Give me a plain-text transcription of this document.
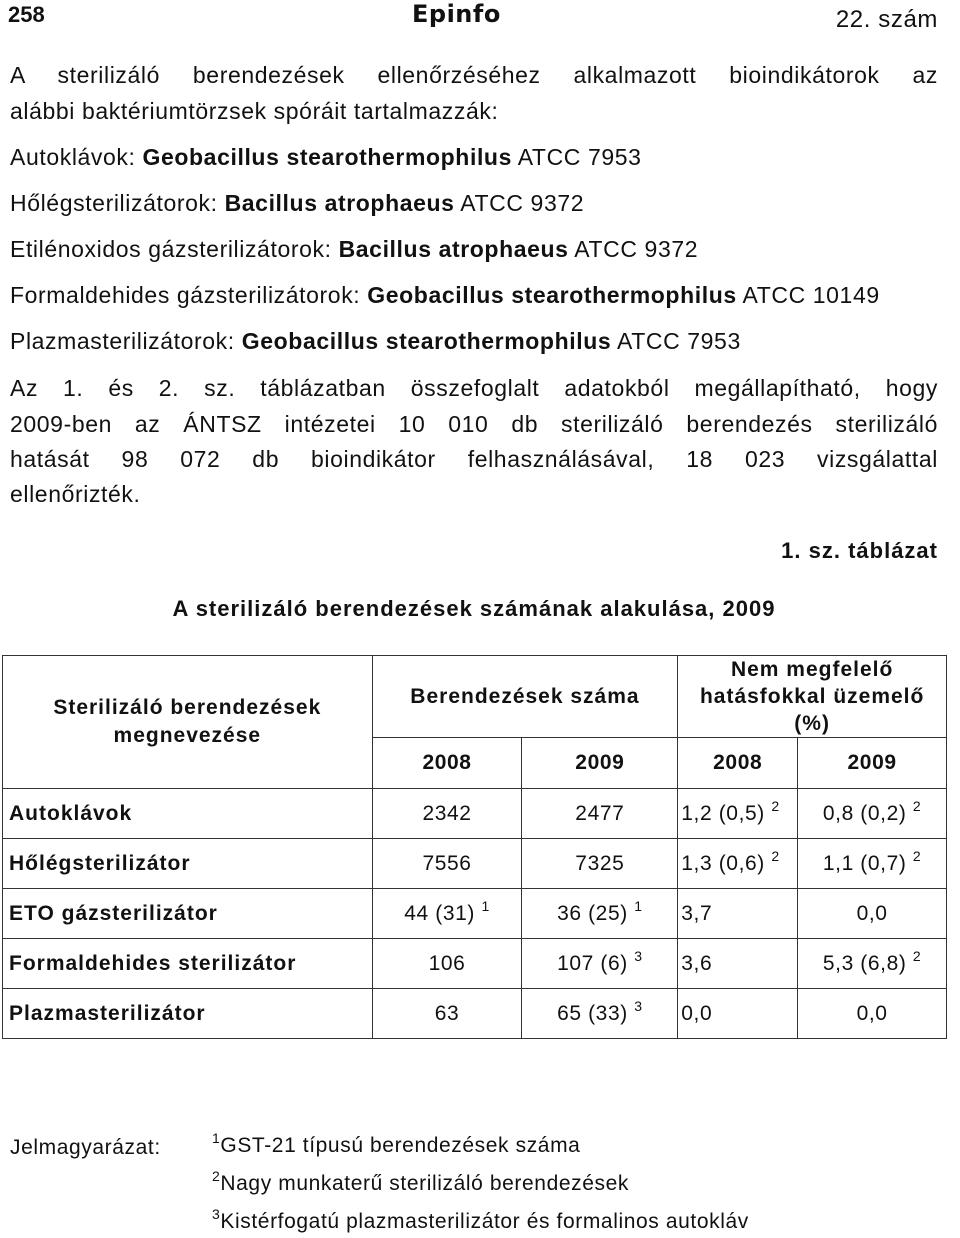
258	Epinfo	22. szám
A sterilizáló berendezések ellenőrzéséhez alkalmazott bioindikátorok az
alábbi baktériumtörzsek spóráit tartalmazzák:
Autoklávok: Geobacillus stearothermophilus ATCC 7953
Hőlégsterilizátorok: Bacillus atrophaeus ATCC 9372
Etilénoxidos gázsterilizátorok: Bacillus atrophaeus ATCC 9372
Formaldehides gázsterilizátorok: Geobacillus stearothermophilus ATCC 10149
Plazmasterilizátorok: Geobacillus stearothermophilus ATCC 7953
Az 1. és 2. sz. táblázatban összefoglalt adatokból megállapítható, hogy
2009-ben az ÁNTSZ intézetei 10 010 db sterilizáló berendezés sterilizáló
hatását 98 072 db bioindikátor felhasználásával, 18 023 vizsgálattal
ellenőrizték.
1. sz. táblázat
A sterilizáló berendezések számának alakulása, 2009
Sterilizáló berendezések
megnevezése	Berendezések száma		Nem megfelelő
hatásfokkal üzemelő
(%)	
	2008	2009	2008	2009
Autoklávok	2342	2477	1,2 (0,5) $^2$	0,8 (0,2) $^2$
Hőlégsterilizátor	7556	7325	1,3 (0,6) $^2$	1,1 (0,7) $^2$
ETO gázsterilizátor	44 (31) $^1$	36 (25) $^1$	3,7	0,0
Formaldehides sterilizátor	106	107 (6) $^3$	3,6	5,3 (6,8) $^2$
Plazmasterilizátor	63	65 (33) $^3$	0,0	0,0
Jelmagyarázat:	$^1$GST-21 típusú berendezések száma
$^2$Nagy munkaterű sterilizáló berendezések
$^3$Kistérfogatú plazmasterilizátor és formalinos autokláv
